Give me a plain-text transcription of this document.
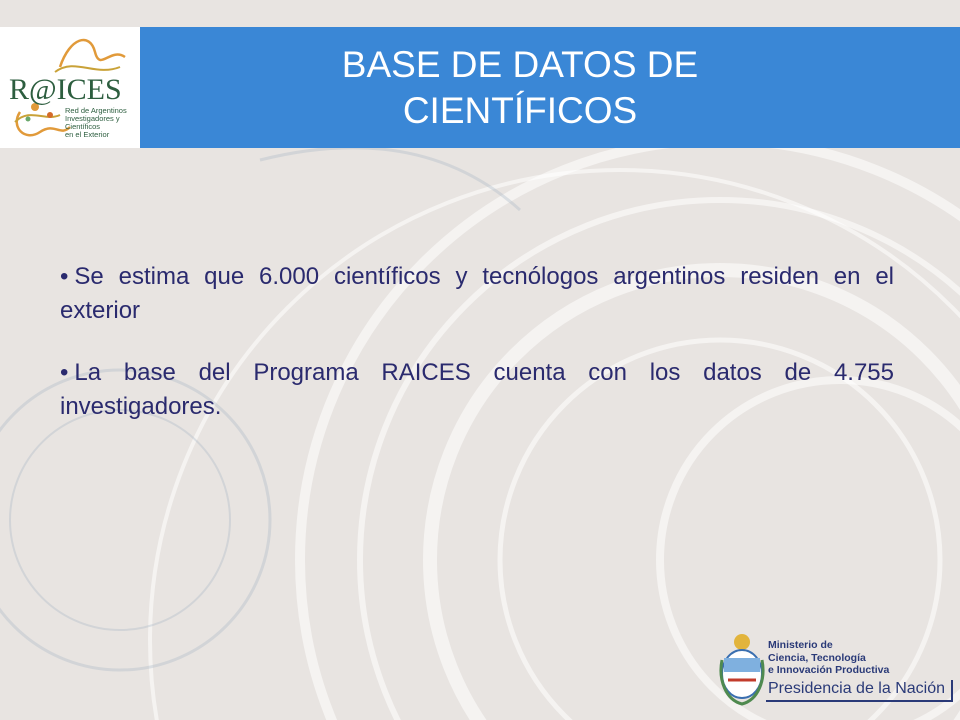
R@ICES
Red de Argentinos
Investigadores y
Científicos
en el Exterior
BASE DE DATOS DE
CIENTÍFICOS
• Se estima que 6.000 científicos y tecnólogos argentinos residen en el exterior
• La base del Programa RAICES cuenta con los datos de 4.755 investigadores.
Ministerio de
Ciencia, Tecnología
e Innovación Productiva
Presidencia de la Nación
